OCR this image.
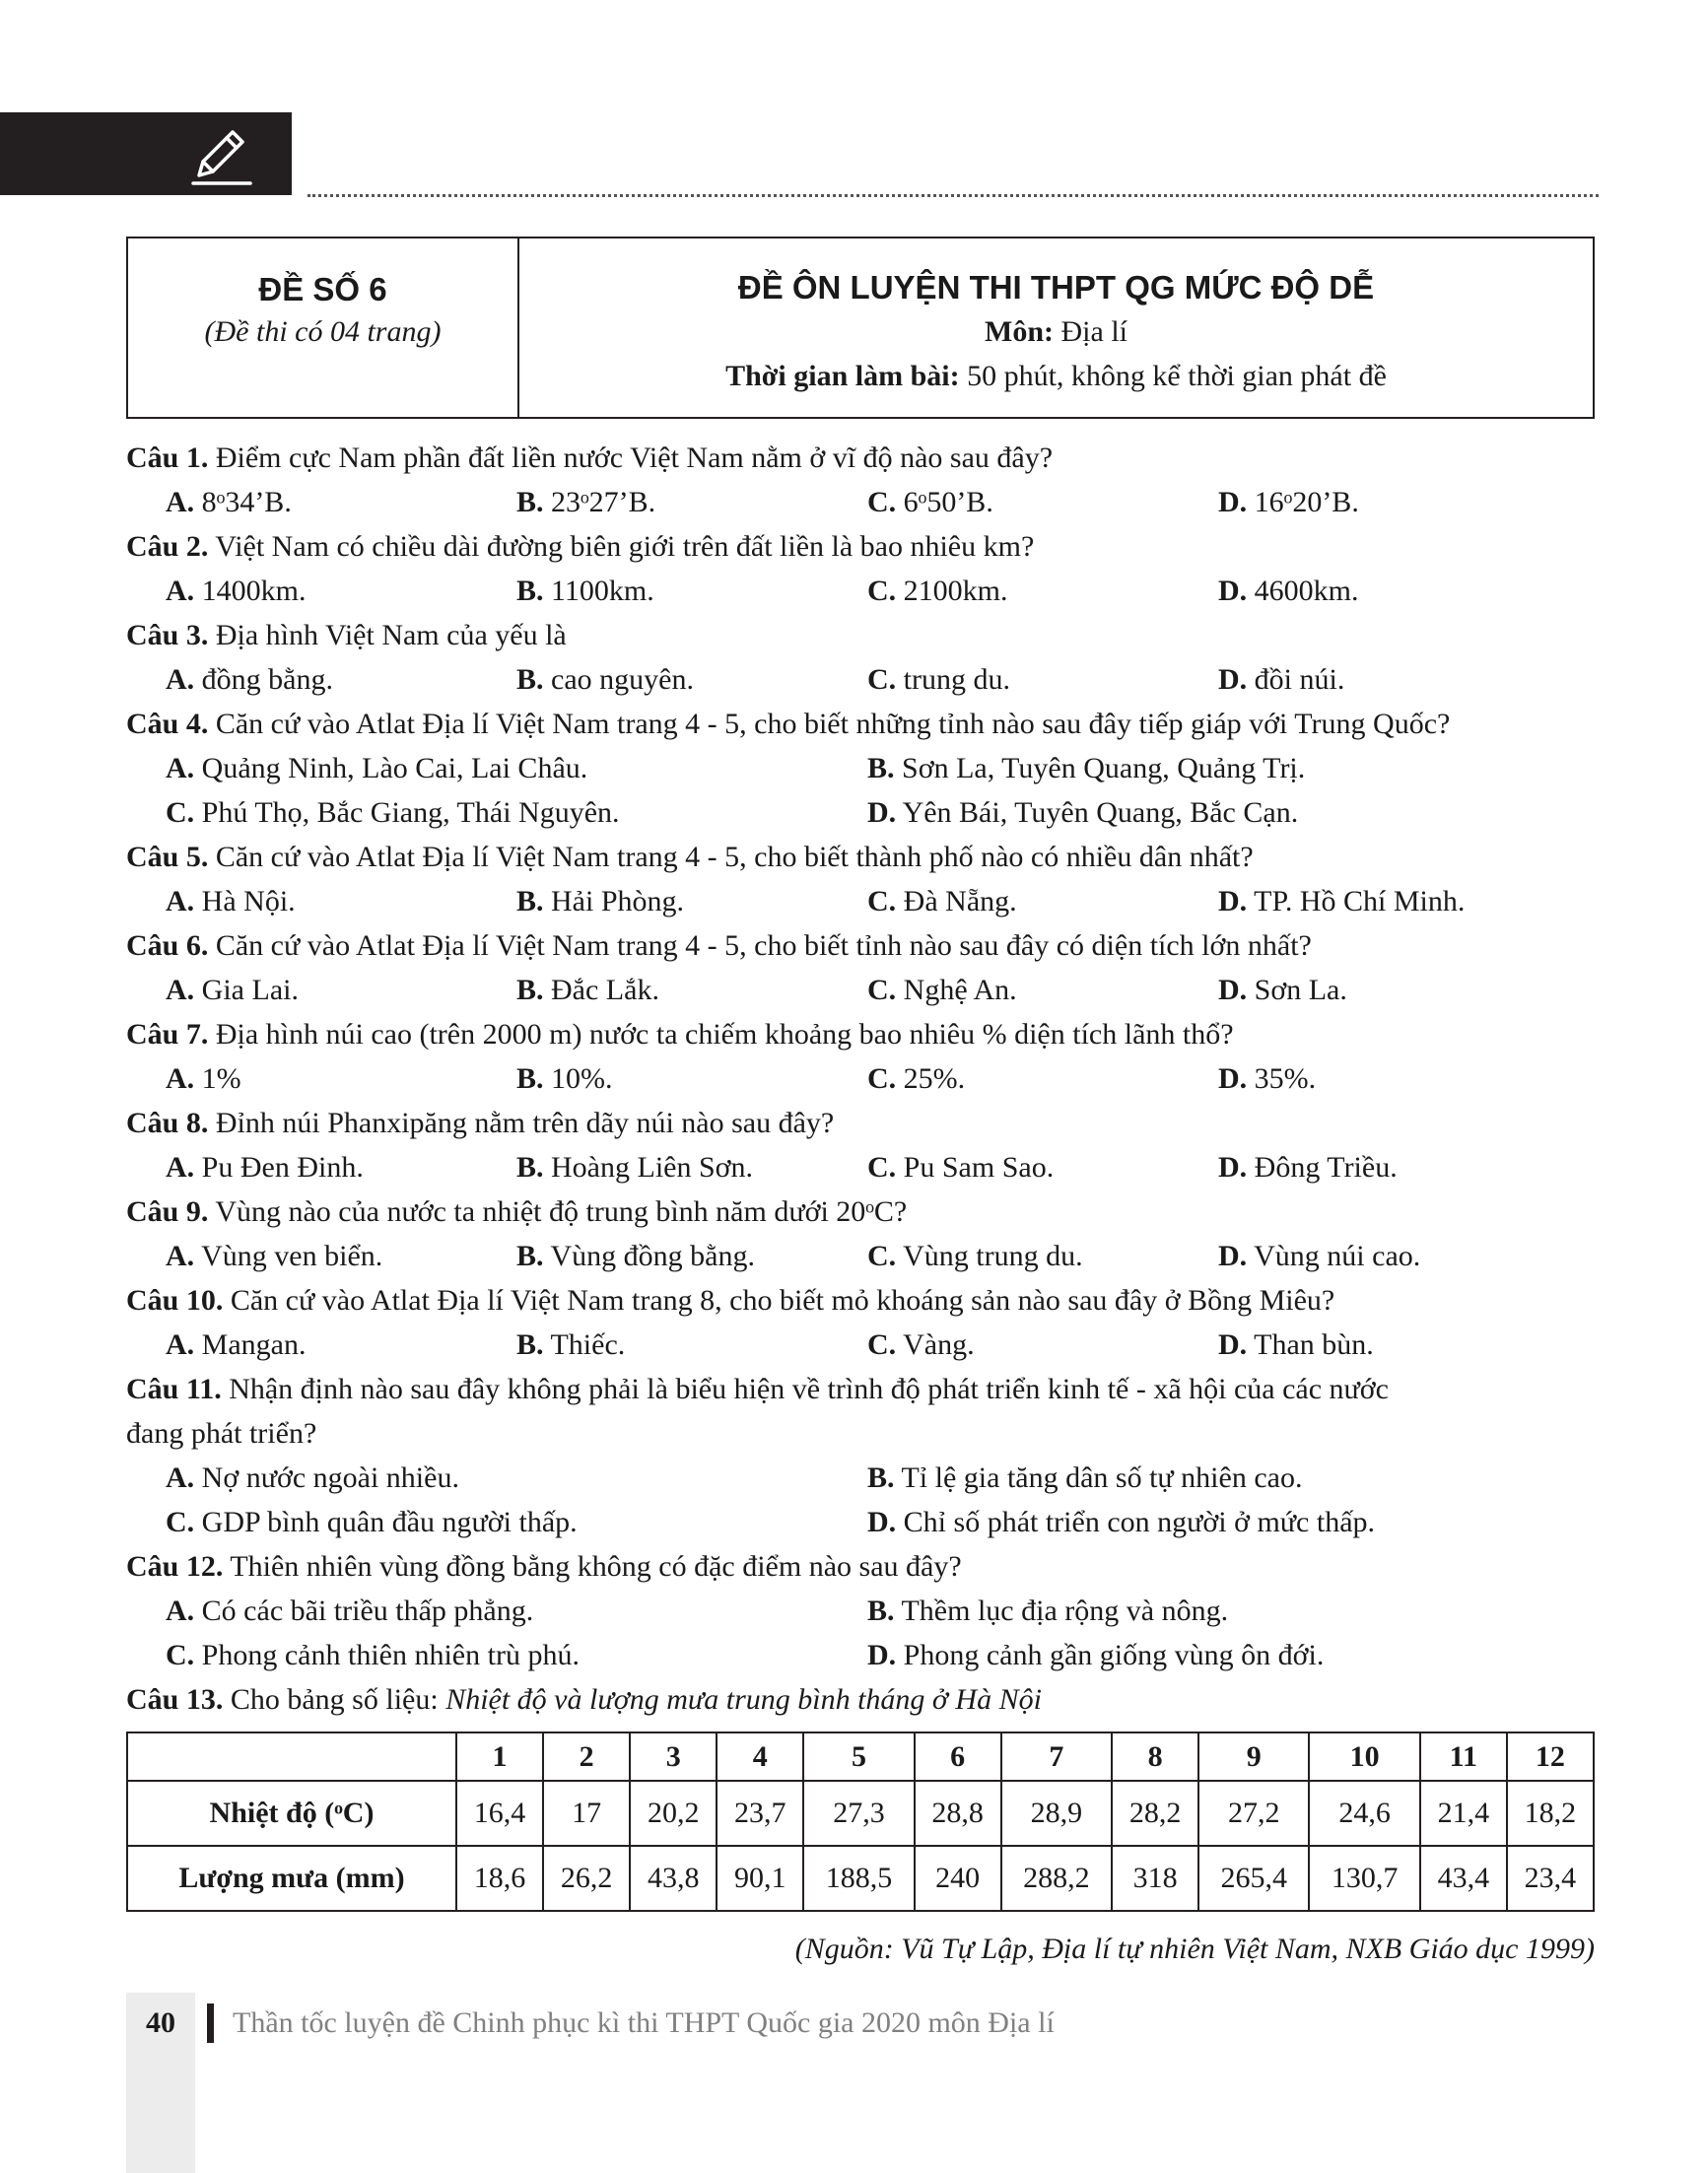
ĐỀ SỐ 6
(Đề thi có 04 trang)
ĐỀ ÔN LUYỆN THI THPT QG MỨC ĐỘ DỄ
Môn: Địa lí
Thời gian làm bài: 50 phút, không kể thời gian phát đề
Câu 1. Điểm cực Nam phần đất liền nước Việt Nam nằm ở vĩ độ nào sau đây?
A. 8ᵒ34’B.	B. 23ᵒ27’B.	C. 6ᵒ50’B.	D. 16ᵒ20’B.
Câu 2. Việt Nam có chiều dài đường biên giới trên đất liền là bao nhiêu km?
A. 1400km.	B. 1100km.	C. 2100km.	D. 4600km.
Câu 3. Địa hình Việt Nam của yếu là
A. đồng bằng.	B. cao nguyên.	C. trung du.	D. đồi núi.
Câu 4. Căn cứ vào Atlat Địa lí Việt Nam trang 4 - 5, cho biết những tỉnh nào sau đây tiếp giáp với Trung Quốc?
A. Quảng Ninh, Lào Cai, Lai Châu.	B. Sơn La, Tuyên Quang, Quảng Trị.
C. Phú Thọ, Bắc Giang, Thái Nguyên.	D. Yên Bái, Tuyên Quang, Bắc Cạn.
Câu 5. Căn cứ vào Atlat Địa lí Việt Nam trang 4 - 5, cho biết thành phố nào có nhiều dân nhất?
A. Hà Nội.	B. Hải Phòng.	C. Đà Nẵng.	D. TP. Hồ Chí Minh.
Câu 6. Căn cứ vào Atlat Địa lí Việt Nam trang 4 - 5, cho biết tỉnh nào sau đây có diện tích lớn nhất?
A. Gia Lai.	B. Đắc Lắk.	C. Nghệ An.	D. Sơn La.
Câu 7. Địa hình núi cao (trên 2000 m) nước ta chiếm khoảng bao nhiêu % diện tích lãnh thổ?
A. 1%	B. 10%.	C. 25%.	D. 35%.
Câu 8. Đỉnh núi Phanxipăng nằm trên dãy núi nào sau đây?
A. Pu Đen Đinh.	B. Hoàng Liên Sơn.	C. Pu Sam Sao.	D. Đông Triều.
Câu 9. Vùng nào của nước ta nhiệt độ trung bình năm dưới 20ᵒC?
A. Vùng ven biển.	B. Vùng đồng bằng.	C. Vùng trung du.	D. Vùng núi cao.
Câu 10. Căn cứ vào Atlat Địa lí Việt Nam trang 8, cho biết mỏ khoáng sản nào sau đây ở Bồng Miêu?
A. Mangan.	B. Thiếc.	C. Vàng.	D. Than bùn.
Câu 11. Nhận định nào sau đây không phải là biểu hiện về trình độ phát triển kinh tế - xã hội của các nước
đang phát triển?
A. Nợ nước ngoài nhiều.	B. Tỉ lệ gia tăng dân số tự nhiên cao.
C. GDP bình quân đầu người thấp.	D. Chỉ số phát triển con người ở mức thấp.
Câu 12. Thiên nhiên vùng đồng bằng không có đặc điểm nào sau đây?
A. Có các bãi triều thấp phẳng.	B. Thềm lục địa rộng và nông.
C. Phong cảnh thiên nhiên trù phú.	D. Phong cảnh gần giống vùng ôn đới.
Câu 13. Cho bảng số liệu: Nhiệt độ và lượng mưa trung bình tháng ở Hà Nội
	1	2	3	4	5	6	7	8	9	10	11	12
Nhiệt độ (ᵒC)	16,4	17	20,2	23,7	27,3	28,8	28,9	28,2	27,2	24,6	21,4	18,2
Lượng mưa (mm)	18,6	26,2	43,8	90,1	188,5	240	288,2	318	265,4	130,7	43,4	23,4
(Nguồn: Vũ Tự Lập, Địa lí tự nhiên Việt Nam, NXB Giáo dục 1999)
40	Thần tốc luyện đề Chinh phục kì thi THPT Quốc gia 2020 môn Địa lí
